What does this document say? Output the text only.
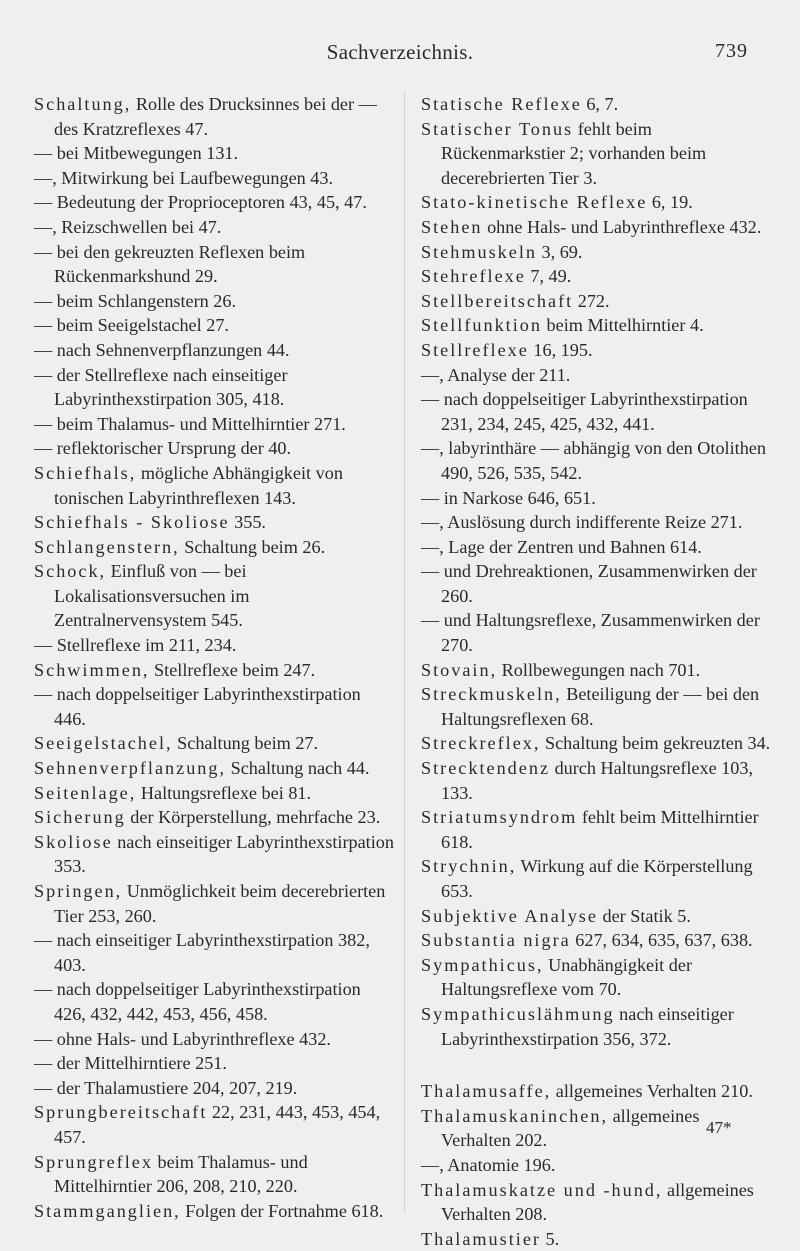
Sachverzeichnis.	739

Schaltung, Rolle des Drucksinnes bei der — des Kratzreflexes 47.

— bei Mitbewegungen 131.

—, Mitwirkung bei Laufbewegungen 43.

— Bedeutung der Proprioceptoren 43, 45, 47.

—, Reizschwellen bei 47.

— bei den gekreuzten Reflexen beim Rückenmarkshund 29.

— beim Schlangenstern 26.

— beim Seeigelstachel 27.

— nach Sehnenverpflanzungen 44.

— der Stellreflexe nach einseitiger Labyrinthexstirpation 305, 418.

— beim Thalamus- und Mittelhirntier 271.

— reflektorischer Ursprung der 40.

Schiefhals, mögliche Abhängigkeit von tonischen Labyrinthreflexen 143.

Schiefhals - Skoliose 355.

Schlangenstern, Schaltung beim 26.

Schock, Einfluß von — bei Lokalisationsversuchen im Zentralnervensystem 545.

— Stellreflexe im 211, 234.

Schwimmen, Stellreflexe beim 247.

— nach doppelseitiger Labyrinthexstirpation 446.

Seeigelstachel, Schaltung beim 27.

Sehnenverpflanzung, Schaltung nach 44.

Seitenlage, Haltungsreflexe bei 81.

Sicherung der Körperstellung, mehrfache 23.

Skoliose nach einseitiger Labyrinthexstirpation 353.

Springen, Unmöglichkeit beim decerebrierten Tier 253, 260.

— nach einseitiger Labyrinthexstirpation 382, 403.

— nach doppelseitiger Labyrinthexstirpation 426, 432, 442, 453, 456, 458.

— ohne Hals- und Labyrinthreflexe 432.

— der Mittelhirntiere 251.

— der Thalamustiere 204, 207, 219.

Sprungbereitschaft 22, 231, 443, 453, 454, 457.

Sprungreflex beim Thalamus- und Mittelhirntier 206, 208, 210, 220.

Stammganglien, Folgen der Fortnahme 618.

Statische Reflexe 6, 7.

Statischer Tonus fehlt beim Rückenmarkstier 2; vorhanden beim decerebrierten Tier 3.

Stato-kinetische Reflexe 6, 19.

Stehen ohne Hals- und Labyrinthreflexe 432.

Stehmuskeln 3, 69.

Stehreflexe 7, 49.

Stellbereitschaft 272.

Stellfunktion beim Mittelhirntier 4.

Stellreflexe 16, 195.

—, Analyse der 211.

— nach doppelseitiger Labyrinthexstirpation 231, 234, 245, 425, 432, 441.

—, labyrinthäre — abhängig von den Otolithen 490, 526, 535, 542.

— in Narkose 646, 651.

—, Auslösung durch indifferente Reize 271.

—, Lage der Zentren und Bahnen 614.

— und Drehreaktionen, Zusammenwirken der 260.

— und Haltungsreflexe, Zusammenwirken der 270.

Stovain, Rollbewegungen nach 701.

Streckmuskeln, Beteiligung der — bei den Haltungsreflexen 68.

Streckreflex, Schaltung beim gekreuzten 34.

Strecktendenz durch Haltungsreflexe 103, 133.

Striatumsyndrom fehlt beim Mittelhirntier 618.

Strychnin, Wirkung auf die Körperstellung 653.

Subjektive Analyse der Statik 5.

Substantia nigra 627, 634, 635, 637, 638.

Sympathicus, Unabhängigkeit der Haltungsreflexe vom 70.

Sympathicuslähmung nach einseitiger Labyrinthexstirpation 356, 372.

Thalamusaffe, allgemeines Verhalten 210.

Thalamuskaninchen, allgemeines Verhalten 202.

—, Anatomie 196.

Thalamuskatze und -hund, allgemeines Verhalten 208.

Thalamustier 5.

47*
